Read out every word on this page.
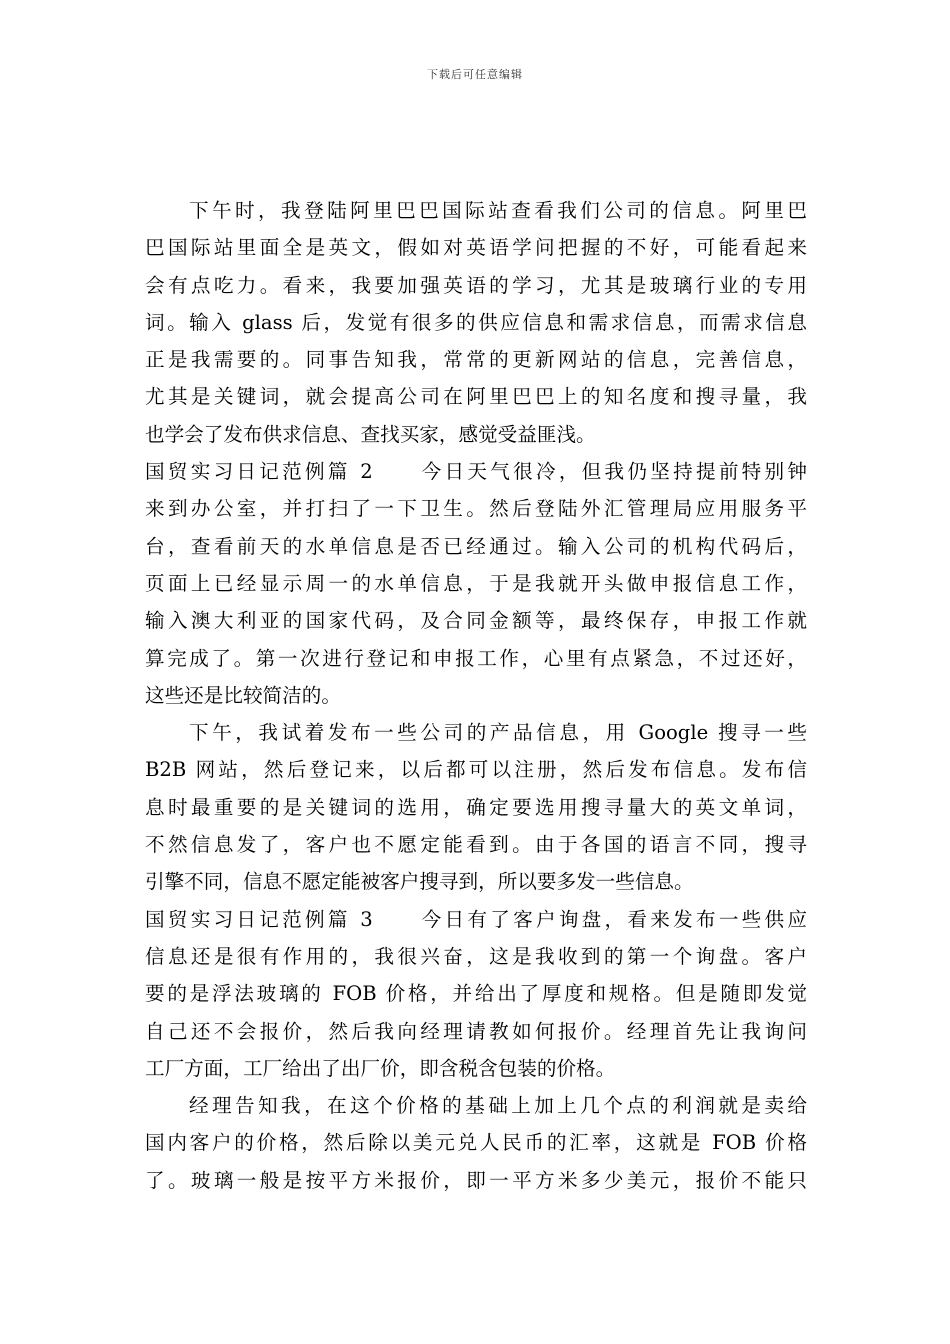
下载后可任意编辑
下午时，我登陆阿里巴巴国际站查看我们公司的信息。阿里巴
巴国际站里面全是英文，假如对英语学问把握的不好，可能看起来
会有点吃力。看来，我要加强英语的学习，尤其是玻璃行业的专用
词。输入 glass 后，发觉有很多的供应信息和需求信息，而需求信息
正是我需要的。同事告知我，常常的更新网站的信息，完善信息，
尤其是关键词，就会提高公司在阿里巴巴上的知名度和搜寻量，我
也学会了发布供求信息、查找买家，感觉受益匪浅。
国贸实习日记范例篇 2　　今日天气很冷，但我仍坚持提前特别钟
来到办公室，并打扫了一下卫生。然后登陆外汇管理局应用服务平
台，查看前天的水单信息是否已经通过。输入公司的机构代码后，
页面上已经显示周一的水单信息，于是我就开头做申报信息工作，
输入澳大利亚的国家代码，及合同金额等，最终保存，申报工作就
算完成了。第一次进行登记和申报工作，心里有点紧急，不过还好，
这些还是比较简洁的。
下午，我试着发布一些公司的产品信息，用 Google 搜寻一些
B2B 网站，然后登记来，以后都可以注册，然后发布信息。发布信
息时最重要的是关键词的选用，确定要选用搜寻量大的英文单词，
不然信息发了，客户也不愿定能看到。由于各国的语言不同，搜寻
引擎不同，信息不愿定能被客户搜寻到，所以要多发一些信息。
国贸实习日记范例篇 3　　今日有了客户询盘，看来发布一些供应
信息还是很有作用的，我很兴奋，这是我收到的第一个询盘。客户
要的是浮法玻璃的 FOB 价格，并给出了厚度和规格。但是随即发觉
自己还不会报价，然后我向经理请教如何报价。经理首先让我询问
工厂方面，工厂给出了出厂价，即含税含包装的价格。
经理告知我，在这个价格的基础上加上几个点的利润就是卖给
国内客户的价格，然后除以美元兑人民币的汇率，这就是 FOB 价格
了。玻璃一般是按平方米报价，即一平方米多少美元，报价不能只
